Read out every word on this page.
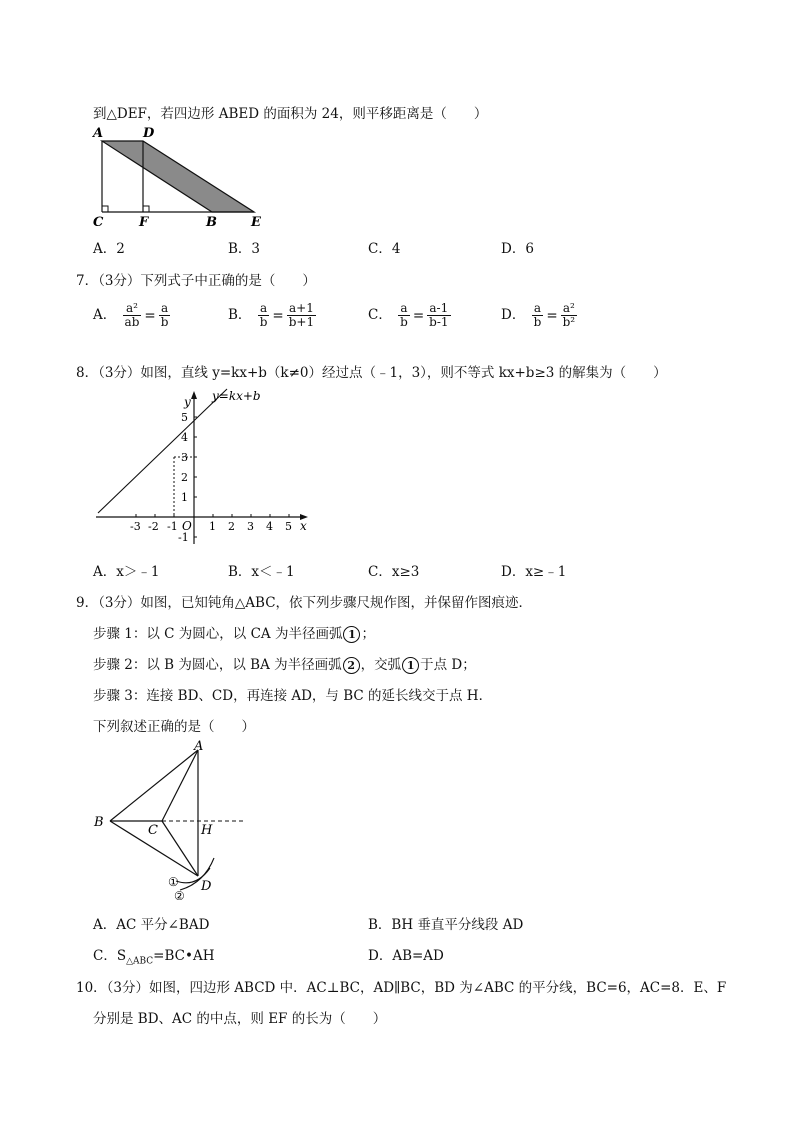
到△DEF，若四边形 ABED 的面积为 24，则平移距离是（　　）
A	D
C	F	B	E
A．2	B．3	C．4	D．6
7．（3分）下列式子中正确的是（　　）
A． $\frac{\text{a²}}{ab} = \frac{a}{b}$	B． $\frac{a}{b} = \frac{a+1}{b+1}$	C． $\frac{a}{b} = \frac{a-1}{b-1}$	D． $\frac{a}{b} = \frac{\text{a²}}{\text{b²}}$
8．（3分）如图，直线 y=kx+b（k≠0）经过点（﹣1，3），则不等式 kx+b≥3 的解集为（　　）
y=kx+b
y
x
O
-3 -2 -1	1 2 3 4 5
5
4
3
2
1
-1
A．x＞﹣1	B．x＜﹣1	C．x≥3	D．x≥﹣1
9．（3分）如图，已知钝角△ABC，依下列步骤尺规作图，并保留作图痕迹．
步骤 1：以 C 为圆心，以 CA 为半径画弧 1 ；
步骤 2：以 B 为圆心，以 BA 为半径画弧 2 ，交弧 1 于点 D；
步骤 3：连接 BD、CD，再连接 AD，与 BC 的延长线交于点 H．
下列叙述正确的是（　　）
A
B
C	H
D
①
②
A．AC 平分∠BAD	B．BH 垂直平分线段 AD
C．$S_{\triangle ABC}=BC•AH$	D．AB=AD
10．（3分）如图，四边形 ABCD 中．AC⊥BC，AD∥BC，BD 为∠ABC 的平分线，BC=6，AC=8．E、F
分别是 BD、AC 的中点，则 EF 的长为（　　）
